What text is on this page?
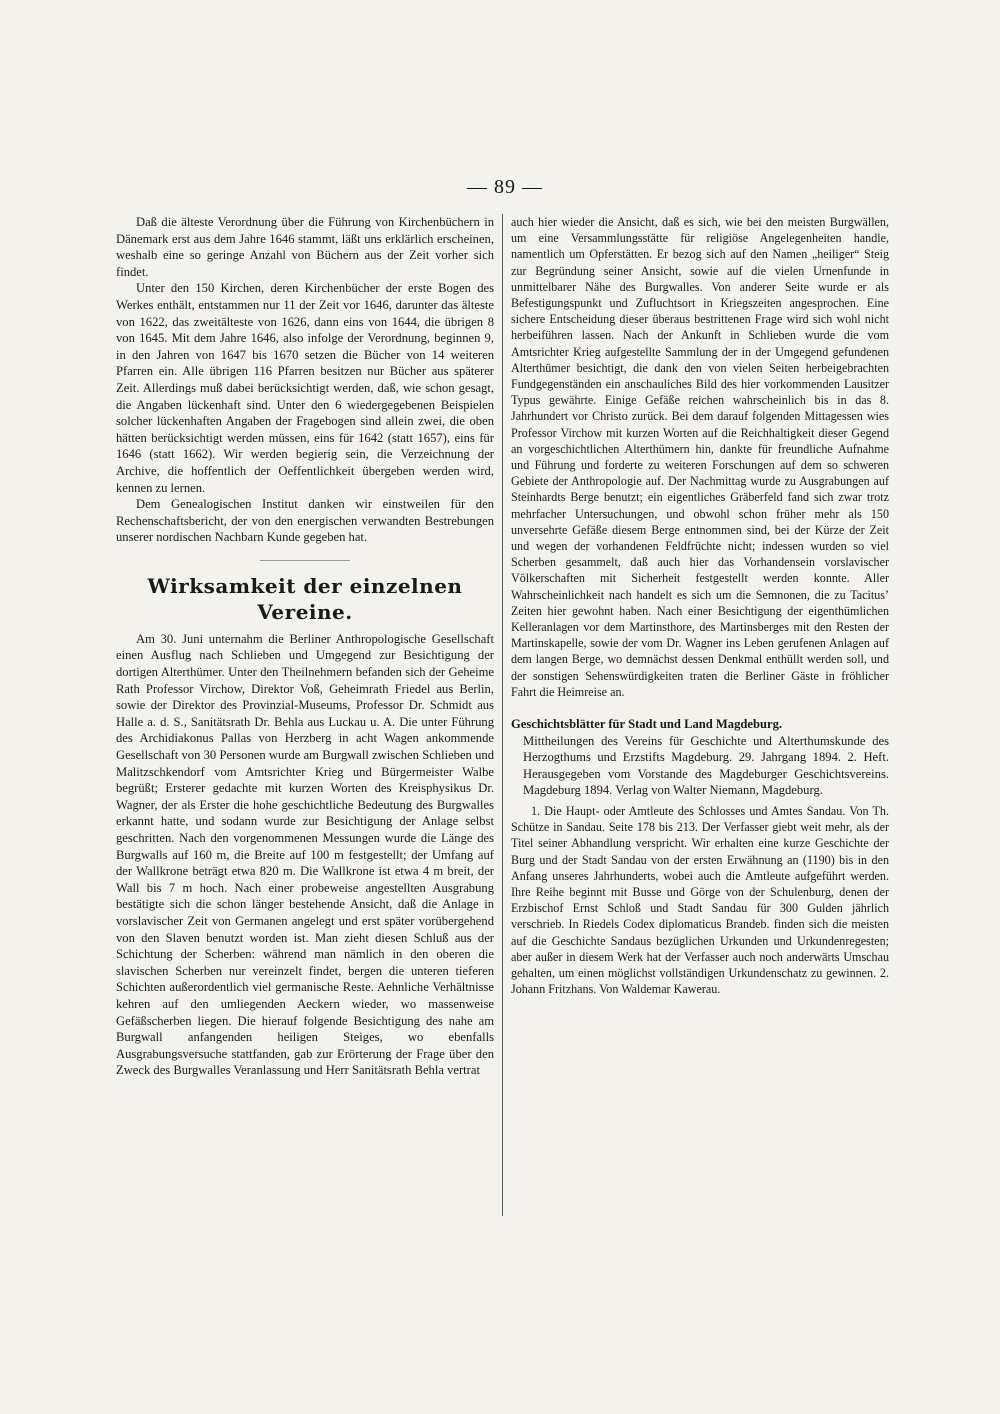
— 89 —

Daß die älteste Verordnung über die Führung von Kirchenbüchern in Dänemark erst aus dem Jahre 1646 stammt, läßt uns erklärlich erscheinen, weshalb eine so geringe Anzahl von Büchern aus der Zeit vorher sich findet.

Unter den 150 Kirchen, deren Kirchenbücher der erste Bogen des Werkes enthält, entstammen nur 11 der Zeit vor 1646, darunter das älteste von 1622, das zweitälteste von 1626, dann eins von 1644, die übrigen 8 von 1645. Mit dem Jahre 1646, also infolge der Verordnung, beginnen 9, in den Jahren von 1647 bis 1670 setzen die Bücher von 14 weiteren Pfarren ein. Alle übrigen 116 Pfarren besitzen nur Bücher aus späterer Zeit. Allerdings muß dabei berücksichtigt werden, daß, wie schon gesagt, die Angaben lückenhaft sind. Unter den 6 wiedergegebenen Beispielen solcher lückenhaften Angaben der Fragebogen sind allein zwei, die oben hätten berücksichtigt werden müssen, eins für 1642 (statt 1657), eins für 1646 (statt 1662). Wir werden begierig sein, die Verzeichnung der Archive, die hoffentlich der Oeffentlichkeit übergeben werden wird, kennen zu lernen.

Dem Genealogischen Institut danken wir einstweilen für den Rechenschaftsbericht, der von den energischen verwandten Bestrebungen unserer nordischen Nachbarn Kunde gegeben hat.

Wirksamkeit der einzelnen Vereine.

Am 30. Juni unternahm die Berliner Anthropologische Gesellschaft einen Ausflug nach Schlieben und Umgegend zur Besichtigung der dortigen Alterthümer. Unter den Theilnehmern befanden sich der Geheime Rath Professor Virchow, Direktor Voß, Geheimrath Friedel aus Berlin, sowie der Direktor des Provinzial-Museums, Professor Dr. Schmidt aus Halle a. d. S., Sanitätsrath Dr. Behla aus Luckau u. A. Die unter Führung des Archidiakonus Pallas von Herzberg in acht Wagen ankommende Gesellschaft von 30 Personen wurde am Burgwall zwischen Schlieben und Malitzschkendorf vom Amtsrichter Krieg und Bürgermeister Walbe begrüßt; Ersterer gedachte mit kurzen Worten des Kreisphysikus Dr. Wagner, der als Erster die hohe geschichtliche Bedeutung des Burgwalles erkannt hatte, und sodann wurde zur Besichtigung der Anlage selbst geschritten. Nach den vorgenommenen Messungen wurde die Länge des Burgwalls auf 160 m, die Breite auf 100 m festgestellt; der Umfang auf der Wallkrone beträgt etwa 820 m. Die Wallkrone ist etwa 4 m breit, der Wall bis 7 m hoch. Nach einer probeweise angestellten Ausgrabung bestätigte sich die schon länger bestehende Ansicht, daß die Anlage in vorslavischer Zeit von Germanen angelegt und erst später vorübergehend von den Slaven benutzt worden ist. Man zieht diesen Schluß aus der Schichtung der Scherben: während man nämlich in den oberen die slavischen Scherben nur vereinzelt findet, bergen die unteren tieferen Schichten außerordentlich viel germanische Reste. Aehnliche Verhältnisse kehren auf den umliegenden Aeckern wieder, wo massenweise Gefäßscherben liegen. Die hierauf folgende Besichtigung des nahe am Burgwall anfangenden heiligen Steiges, wo ebenfalls Ausgrabungsversuche stattfanden, gab zur Erörterung der Frage über den Zweck des Burgwalles Veranlassung und Herr Sanitätsrath Behla vertrat

auch hier wieder die Ansicht, daß es sich, wie bei den meisten Burgwällen, um eine Versammlungsstätte für religiöse Angelegenheiten handle, namentlich um Opferstätten. Er bezog sich auf den Namen „heiliger“ Steig zur Begründung seiner Ansicht, sowie auf die vielen Urnenfunde in unmittelbarer Nähe des Burgwalles. Von anderer Seite wurde er als Befestigungspunkt und Zufluchtsort in Kriegszeiten angesprochen. Eine sichere Entscheidung dieser überaus bestrittenen Frage wird sich wohl nicht herbeiführen lassen. Nach der Ankunft in Schlieben wurde die vom Amtsrichter Krieg aufgestellte Sammlung der in der Umgegend gefundenen Alterthümer besichtigt, die dank den von vielen Seiten herbeigebrachten Fundgegenständen ein anschauliches Bild des hier vorkommenden Lausitzer Typus gewährte. Einige Gefäße reichen wahrscheinlich bis in das 8. Jahrhundert vor Christo zurück. Bei dem darauf folgenden Mittagessen wies Professor Virchow mit kurzen Worten auf die Reichhaltigkeit dieser Gegend an vorgeschichtlichen Alterthümern hin, dankte für freundliche Aufnahme und Führung und forderte zu weiteren Forschungen auf dem so schweren Gebiete der Anthropologie auf. Der Nachmittag wurde zu Ausgrabungen auf Steinhardts Berge benutzt; ein eigentliches Gräberfeld fand sich zwar trotz mehrfacher Untersuchungen, und obwohl schon früher mehr als 150 unversehrte Gefäße diesem Berge entnommen sind, bei der Kürze der Zeit und wegen der vorhandenen Feldfrüchte nicht; indessen wurden so viel Scherben gesammelt, daß auch hier das Vorhandensein vorslavischer Völkerschaften mit Sicherheit festgestellt werden konnte. Aller Wahrscheinlichkeit nach handelt es sich um die Semnonen, die zu Tacitus’ Zeiten hier gewohnt haben. Nach einer Besichtigung der eigenthümlichen Kelleranlagen vor dem Martinsthore, des Martinsberges mit den Resten der Martinskapelle, sowie der vom Dr. Wagner ins Leben gerufenen Anlagen auf dem langen Berge, wo demnächst dessen Denkmal enthüllt werden soll, und der sonstigen Sehenswürdigkeiten traten die Berliner Gäste in fröhlicher Fahrt die Heimreise an.

Geschichtsblätter für Stadt und Land Magdeburg.
Mittheilungen des Vereins für Geschichte und Alterthumskunde des Herzogthums und Erzstifts Magdeburg. 29. Jahrgang 1894. 2. Heft. Herausgegeben vom Vorstande des Magdeburger Geschichtsvereins. Magdeburg 1894. Verlag von Walter Niemann, Magdeburg.

1. Die Haupt- oder Amtleute des Schlosses und Amtes Sandau. Von Th. Schütze in Sandau. Seite 178 bis 213. Der Verfasser giebt weit mehr, als der Titel seiner Abhandlung verspricht. Wir erhalten eine kurze Geschichte der Burg und der Stadt Sandau von der ersten Erwähnung an (1190) bis in den Anfang unseres Jahrhunderts, wobei auch die Amtleute aufgeführt werden. Ihre Reihe beginnt mit Busse und Görge von der Schulenburg, denen der Erzbischof Ernst Schloß und Stadt Sandau für 300 Gulden jährlich verschrieb. In Riedels Codex diplomaticus Brandeb. finden sich die meisten auf die Geschichte Sandaus bezüglichen Urkunden und Urkundenregesten; aber außer in diesem Werk hat der Verfasser auch noch anderwärts Umschau gehalten, um einen möglichst vollständigen Urkundenschatz zu gewinnen. 2. Johann Fritzhans. Von Waldemar Kawerau.
